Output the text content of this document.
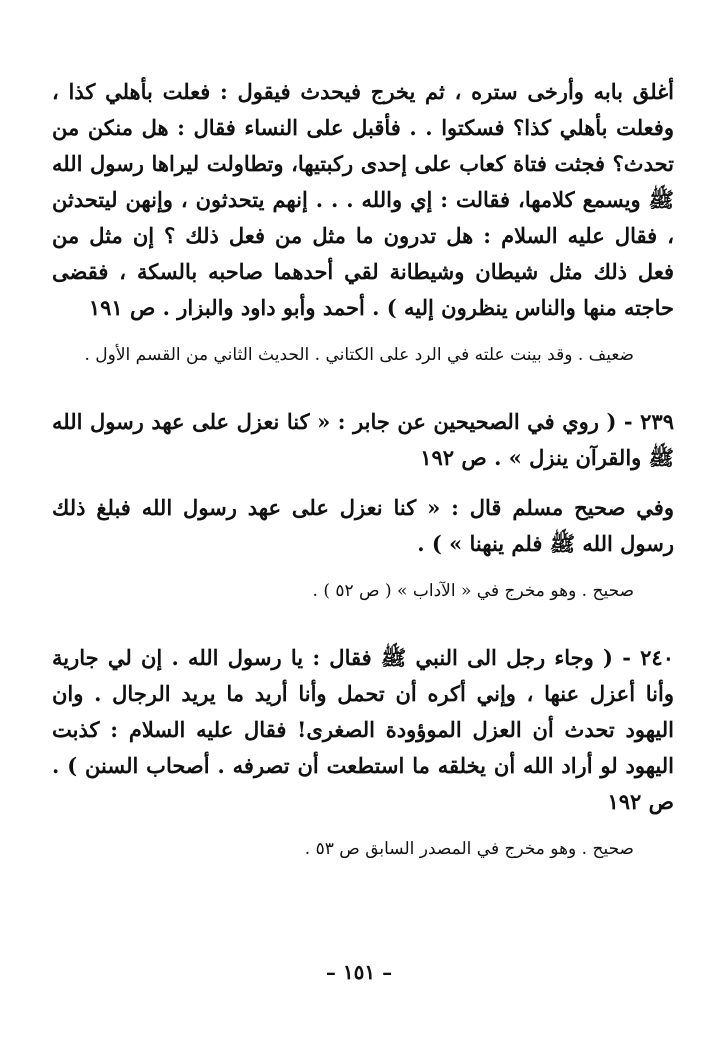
أغلق بابه وأرخى ستره ، ثم يخرج فيحدث فيقول : فعلت بأهلي كذا ، وفعلت بأهلي كذا؟ فسكتوا . . فأقبل على النساء فقال : هل منكن من تحدث؟ فجثت فتاة كعاب على إحدى ركبتيها، وتطاولت ليراها رسول الله ﷺ ويسمع كلامها، فقالت : إي والله . . . إنهم يتحدثون ، وإنهن ليتحدثن ، فقال عليه السلام : هل تدرون ما مثل من فعل ذلك ؟ إن مثل من فعل ذلك مثل شيطان وشيطانة لقي أحدهما صاحبه بالسكة ، فقضى حاجته منها والناس ينظرون إليه ) . أحمد وأبو داود والبزار . ص ١٩١

ضعيف . وقد بينت علته في الرد على الكتاني . الحديث الثاني من القسم الأول .

٢٣٩ - ( روي في الصحيحين عن جابر : « كنا نعزل على عهد رسول الله ﷺ والقرآن ينزل » . ص ١٩٢

وفي صحيح مسلم قال : « كنا نعزل على عهد رسول الله فبلغ ذلك رسول الله ﷺ فلم ينهنا » ) .

صحيح . وهو مخرج في « الآداب » ( ص ٥٢ ) .

٢٤٠ - ( وجاء رجل الى النبي ﷺ فقال : يا رسول الله . إن لي جارية وأنا أعزل عنها ، وإني أكره أن تحمل وأنا أريد ما يريد الرجال . وان اليهود تحدث أن العزل الموؤودة الصغرى! فقال عليه السلام : كذبت اليهود لو أراد الله أن يخلقه ما استطعت أن تصرفه . أصحاب السنن ) . ص ١٩٢

صحيح . وهو مخرج في المصدر السابق ص ٥٣ .

– ١٥١ –
